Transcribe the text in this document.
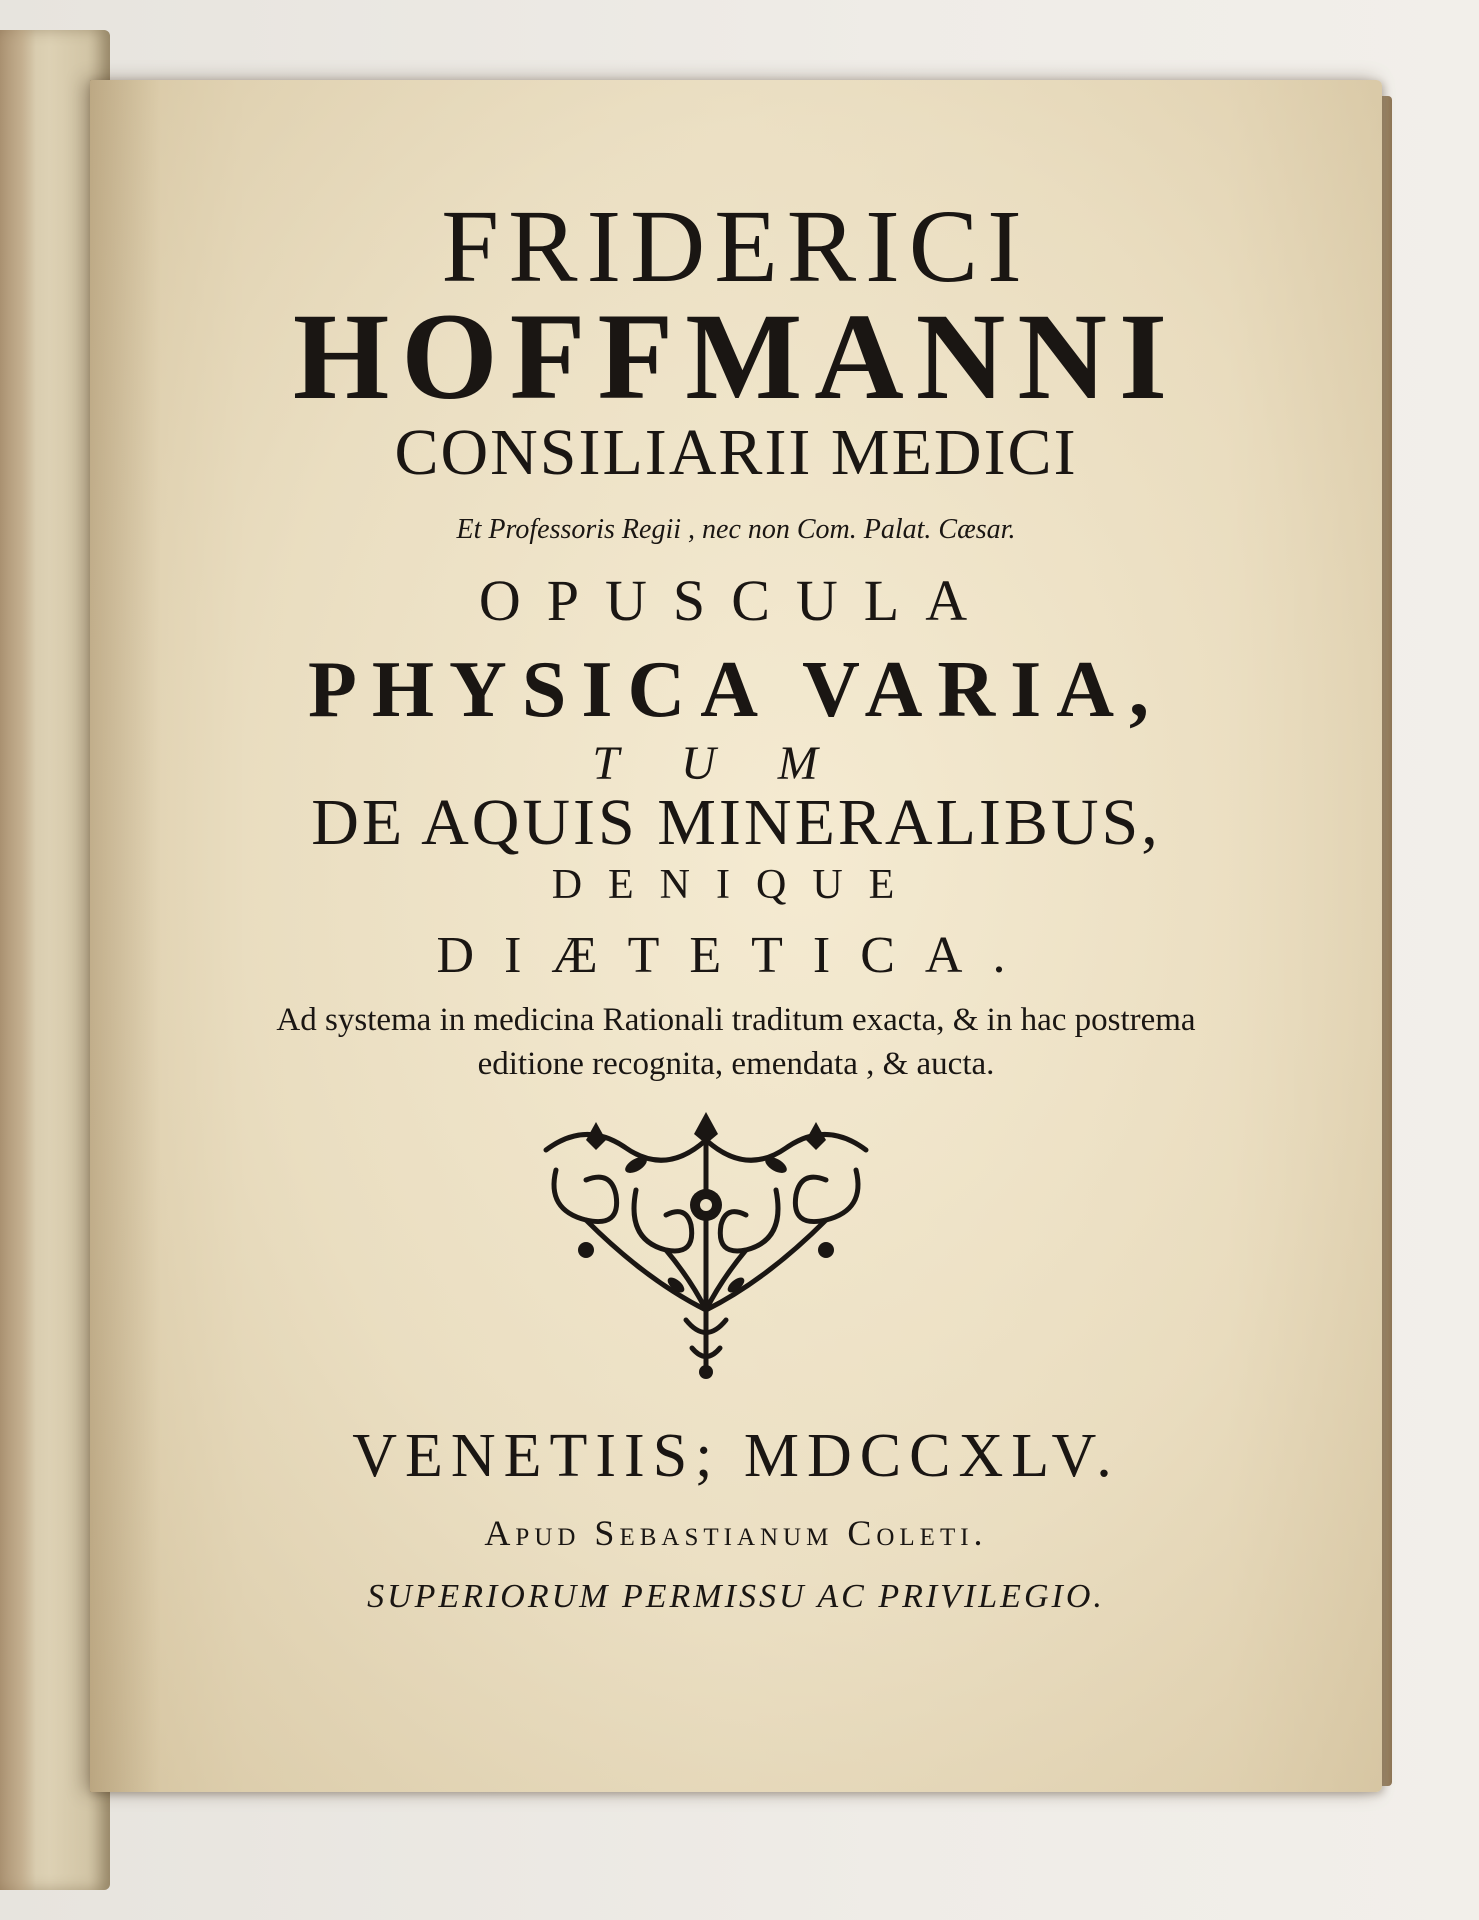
FRIDERICI

HOFFMANNI

CONSILIARII MEDICI

Et Professoris Regii , nec non Com. Palat. Cæsar.

OPUSCULA

PHYSICA VARIA,

TUM

DE AQUIS MINERALIBUS,

DENIQUE

DIÆTETICA.

Ad systema in medicina Rationali traditum exacta, & in hac postrema
editione recognita, emendata , & aucta.

VENETIIS; MDCCXLV.

Apud Sebastianum Coleti.

SUPERIORUM PERMISSU AC PRIVILEGIO.
